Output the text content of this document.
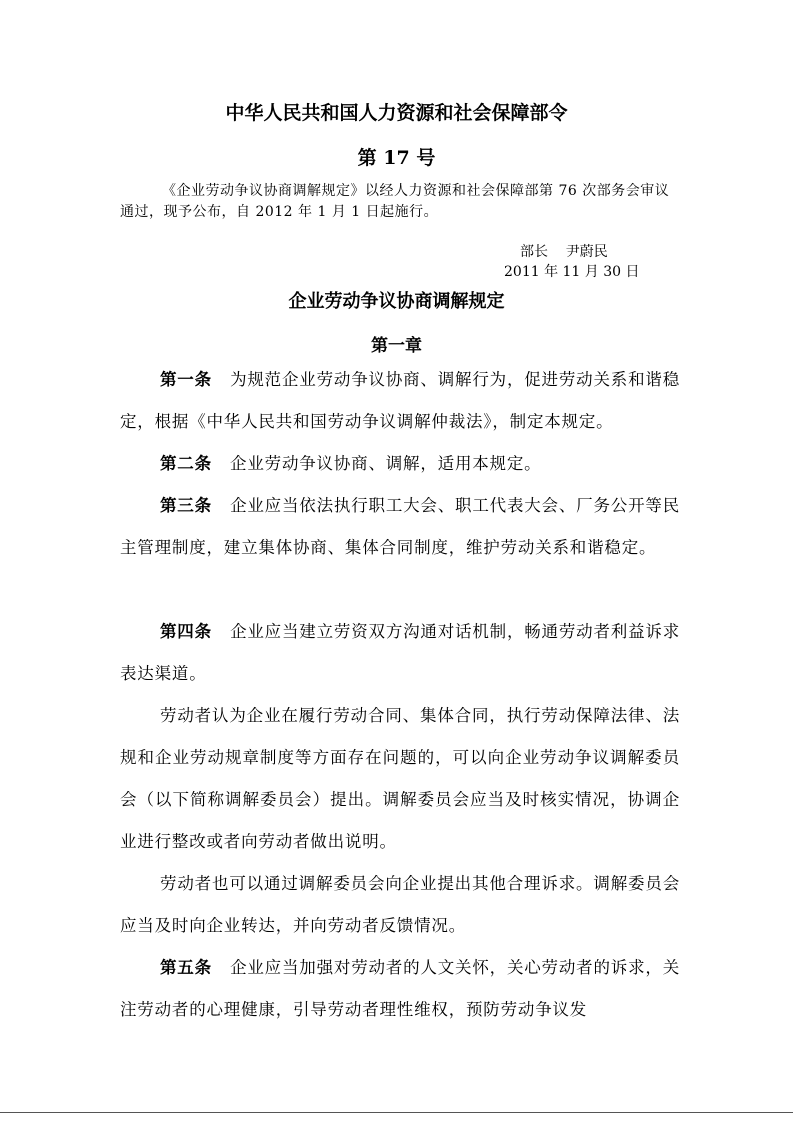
中华人民共和国人力资源和社会保障部令
第 17 号
《企业劳动争议协商调解规定》以经人力资源和社会保障部第 76 次部务会审议通过，现予公布，自 2012 年 1 月 1 日起施行。
部长    尹蔚民
2011 年 11 月 30 日
企业劳动争议协商调解规定
第一章
第一条 为规范企业劳动争议协商、调解行为，促进劳动关系和谐稳定，根据《中华人民共和国劳动争议调解仲裁法》，制定本规定。
第二条 企业劳动争议协商、调解，适用本规定。
第三条 企业应当依法执行职工大会、职工代表大会、厂务公开等民主管理制度，建立集体协商、集体合同制度，维护劳动关系和谐稳定。
第四条 企业应当建立劳资双方沟通对话机制，畅通劳动者利益诉求表达渠道。
劳动者认为企业在履行劳动合同、集体合同，执行劳动保障法律、法规和企业劳动规章制度等方面存在问题的，可以向企业劳动争议调解委员会（以下简称调解委员会）提出。调解委员会应当及时核实情况，协调企业进行整改或者向劳动者做出说明。
劳动者也可以通过调解委员会向企业提出其他合理诉求。调解委员会应当及时向企业转达，并向劳动者反馈情况。
第五条 企业应当加强对劳动者的人文关怀，关心劳动者的诉求，关注劳动者的心理健康，引导劳动者理性维权，预防劳动争议发
